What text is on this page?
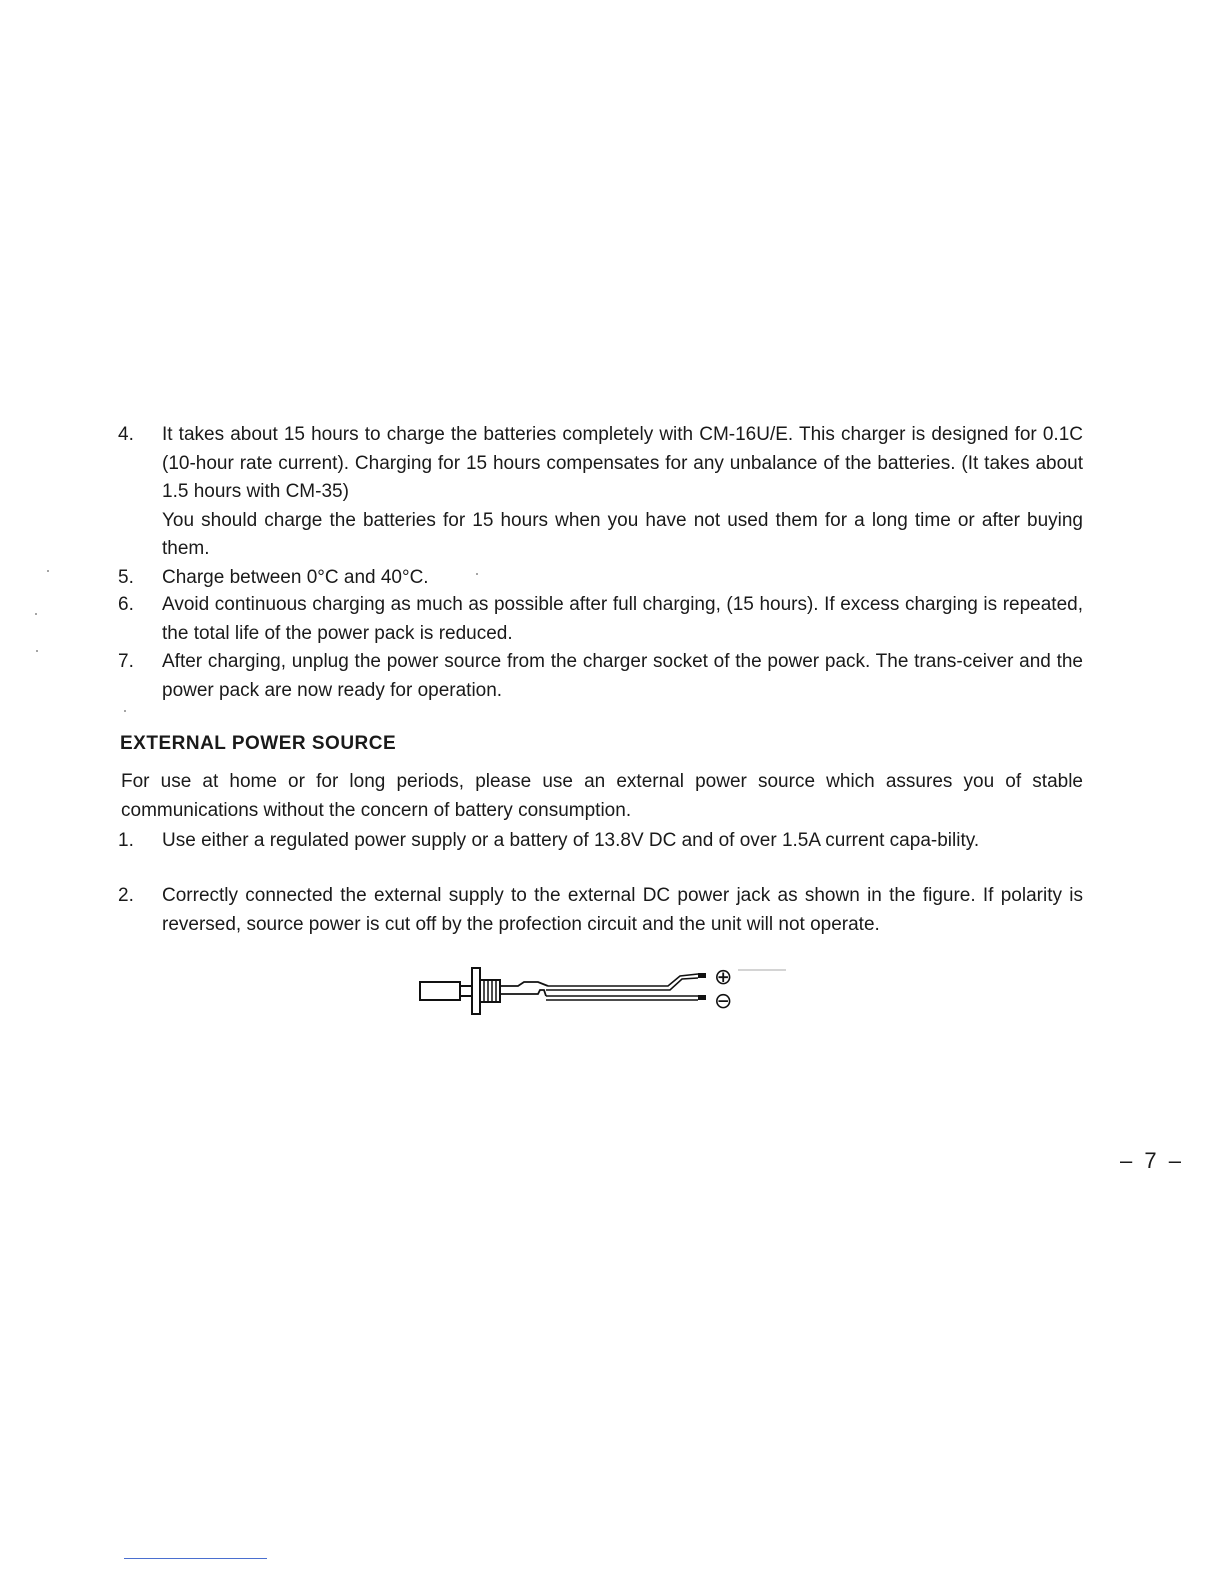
4.	It takes about 15 hours to charge the batteries completely with CM-16U/E. This charger is designed for 0.1C (10-hour rate current). Charging for 15 hours compensates for any unbalance of the batteries. (It takes about 1.5 hours with CM-35)

You should charge the batteries for 15 hours when you have not used them for a long time or after buying them.

5.	Charge between 0°C and 40°C.

6.	Avoid continuous charging as much as possible after full charging, (15 hours). If excess charging is repeated, the total life of the power pack is reduced.

7.	After charging, unplug the power source from the charger socket of the power pack. The trans-ceiver and the power pack are now ready for operation.

EXTERNAL POWER SOURCE
For use at home or for long periods, please use an external power source which assures you of stable communications without the concern of battery consumption.
1.	Use either a regulated power supply or a battery of 13.8V DC and of over 1.5A current capa-bility.
2.	Correctly connected the external supply to the external DC power jack as shown in the figure. If polarity is reversed, source power is cut off by the profection circuit and the unit will not operate.
⊕
⊖
– 7 –
